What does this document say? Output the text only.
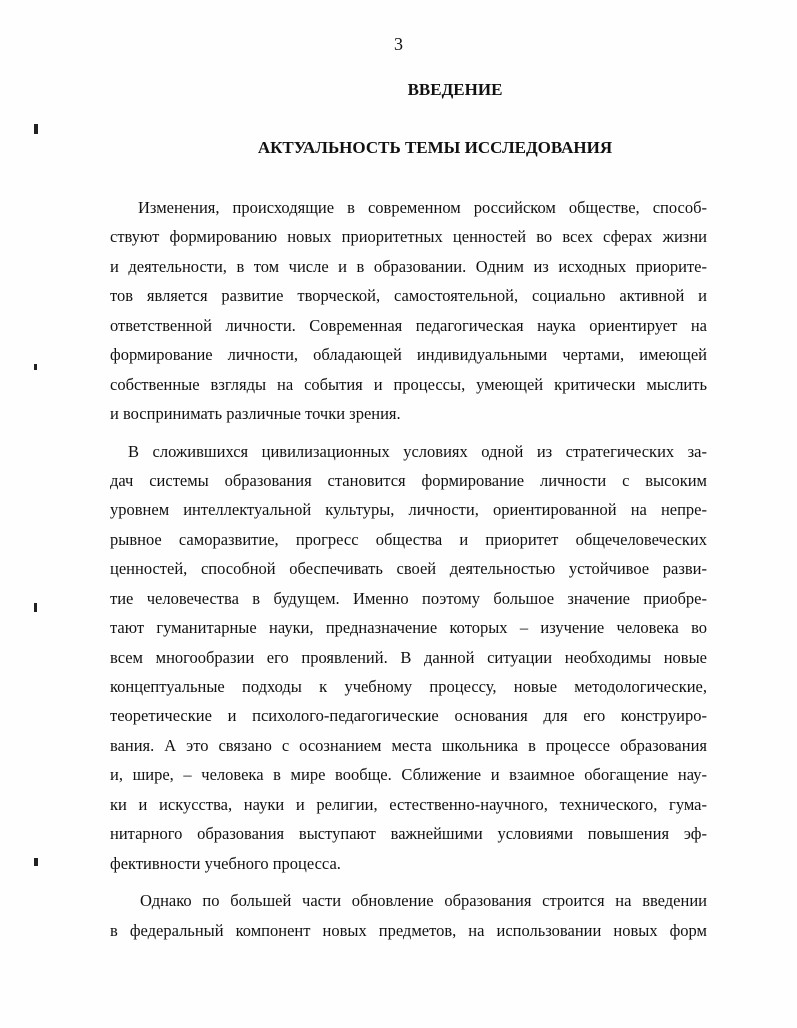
3
ВВЕДЕНИЕ
АКТУАЛЬНОСТЬ ТЕМЫ ИССЛЕДОВАНИЯ
Изменения, происходящие в современном российском обществе, способ-
ствуют формированию новых приоритетных ценностей во всех сферах жизни
и деятельности, в том числе и в образовании. Одним из исходных приорите-
тов является развитие творческой, самостоятельной, социально активной и
ответственной личности. Современная педагогическая наука ориентирует на
формирование личности, обладающей индивидуальными чертами, имеющей
собственные взгляды на события и процессы, умеющей критически мыслить
и воспринимать различные точки зрения.
В сложившихся цивилизационных условиях одной из стратегических за-
дач системы образования становится формирование личности с высоким
уровнем интеллектуальной культуры, личности, ориентированной на непре-
рывное саморазвитие, прогресс общества и приоритет общечеловеческих
ценностей, способной обеспечивать своей деятельностью устойчивое разви-
тие человечества в будущем. Именно поэтому большое значение приобре-
тают гуманитарные науки, предназначение которых – изучение человека во
всем многообразии его проявлений. В данной ситуации необходимы новые
концептуальные подходы к учебному процессу, новые методологические,
теоретические и психолого-педагогические основания для его конструиро-
вания. А это связано с осознанием места школьника в процессе образования
и, шире, – человека в мире вообще. Сближение и взаимное обогащение нау-
ки и искусства, науки и религии, естественно-научного, технического, гума-
нитарного образования выступают важнейшими условиями повышения эф-
фективности учебного процесса.
Однако по большей части обновление образования строится на введении
в федеральный компонент новых предметов, на использовании новых форм
